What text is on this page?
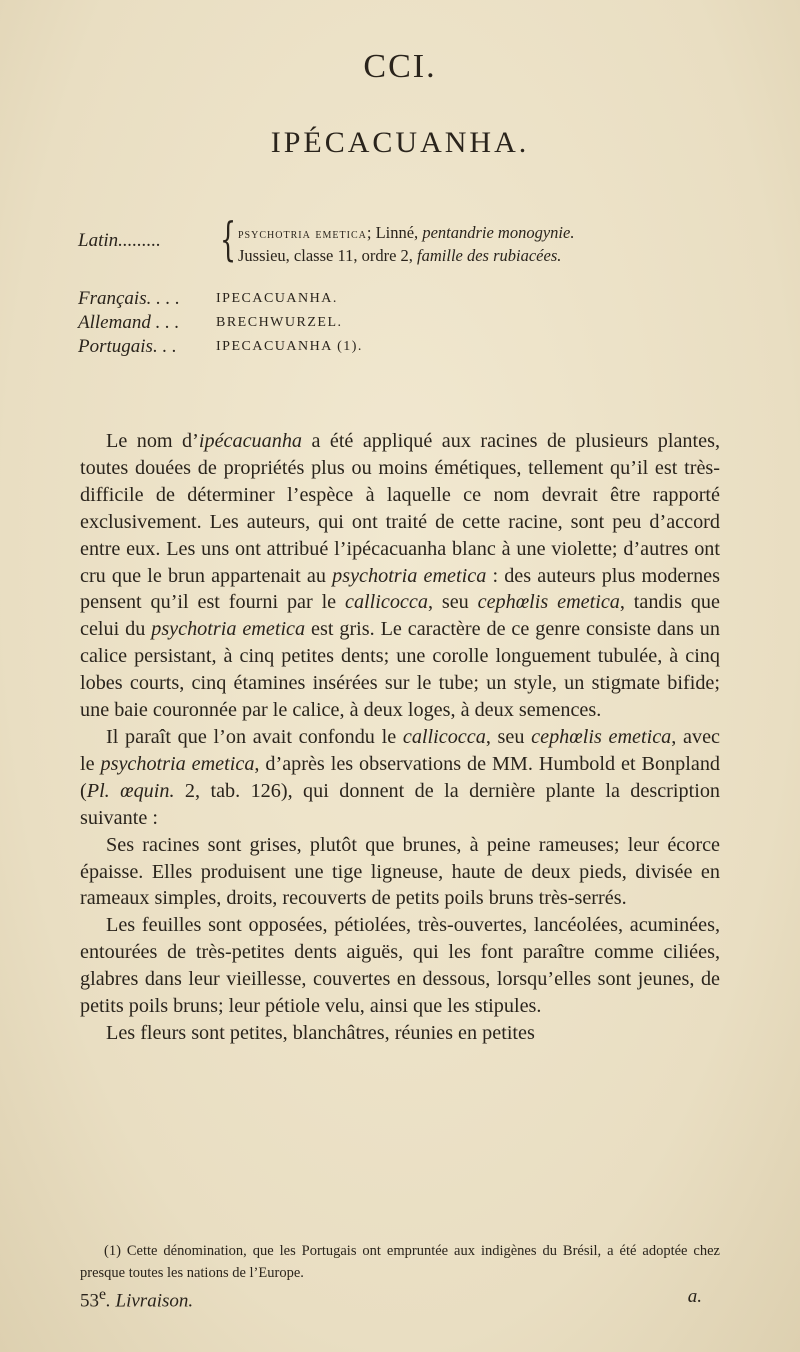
CCI.
IPÉCACUANHA.
Latin......... { psychotria emetica; Linné, pentandrie monogynie.
Jussieu, classe 11, ordre 2, famille des rubiacées.
Français. . . .	IPECACUANHA.
Allemand . . .	BRECHWURZEL.
Portugais. . .	IPECACUANHA (1).

Le nom d’ipécacuanha a été appliqué aux racines de plusieurs plantes, toutes douées de propriétés plus ou moins émétiques, tellement qu’il est très-difficile de déterminer l’espèce à laquelle ce nom devrait être rapporté exclusivement. Les auteurs, qui ont traité de cette racine, sont peu d’accord entre eux. Les uns ont attribué l’ipécacuanha blanc à une violette; d’autres ont cru que le brun appartenait au psychotria emetica : des auteurs plus modernes pensent qu’il est fourni par le callicocca, seu cephœlis emetica, tandis que celui du psychotria emetica est gris. Le caractère de ce genre consiste dans un calice persistant, à cinq petites dents; une corolle longuement tubulée, à cinq lobes courts, cinq étamines insérées sur le tube; un style, un stigmate bifide; une baie couronnée par le calice, à deux loges, à deux semences.

Il paraît que l’on avait confondu le callicocca, seu cephœlis emetica, avec le psychotria emetica, d’après les observations de MM. Humbold et Bonpland (Pl. œquin. 2, tab. 126), qui donnent de la dernière plante la description suivante :

Ses racines sont grises, plutôt que brunes, à peine rameuses; leur écorce épaisse. Elles produisent une tige ligneuse, haute de deux pieds, divisée en rameaux simples, droits, recouverts de petits poils bruns très-serrés.

Les feuilles sont opposées, pétiolées, très-ouvertes, lancéolées, acuminées, entourées de très-petites dents aiguës, qui les font paraître comme ciliées, glabres dans leur vieillesse, couvertes en dessous, lorsqu’elles sont jeunes, de petits poils bruns; leur pétiole velu, ainsi que les stipules.

Les fleurs sont petites, blanchâtres, réunies en petites

(1) Cette dénomination, que les Portugais ont empruntée aux indigènes du Brésil, a été adoptée chez presque toutes les nations de l’Europe.
53e. Livraison.	a.
